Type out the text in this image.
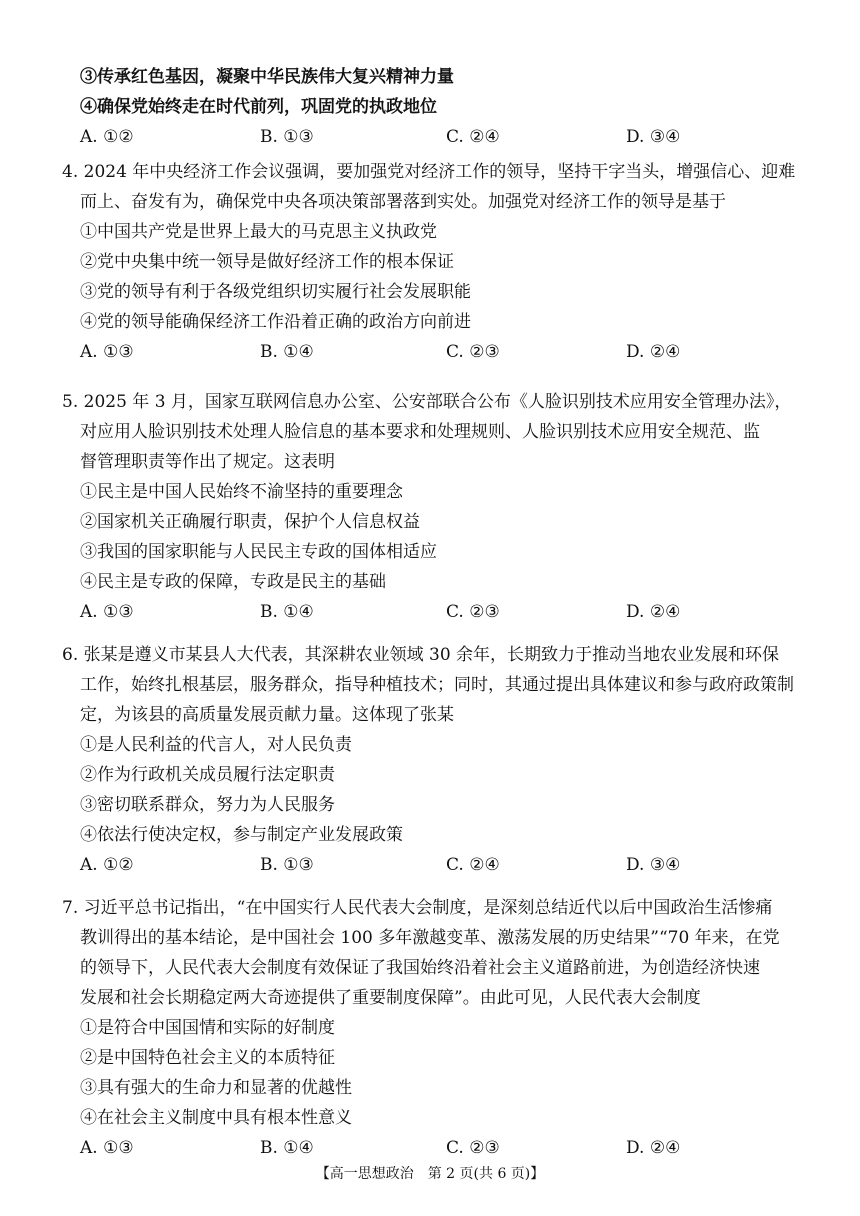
③传承红色基因，凝聚中华民族伟大复兴精神力量
④确保党始终走在时代前列，巩固党的执政地位
A. ①②	B. ①③	C. ②④	D. ③④
4. 2024 年中央经济工作会议强调，要加强党对经济工作的领导，坚持干字当头，增强信心、迎难
而上、奋发有为，确保党中央各项决策部署落到实处。加强党对经济工作的领导是基于
①中国共产党是世界上最大的马克思主义执政党
②党中央集中统一领导是做好经济工作的根本保证
③党的领导有利于各级党组织切实履行社会发展职能
④党的领导能确保经济工作沿着正确的政治方向前进
A. ①③	B. ①④	C. ②③	D. ②④
5. 2025 年 3 月，国家互联网信息办公室、公安部联合公布《人脸识别技术应用安全管理办法》，
对应用人脸识别技术处理人脸信息的基本要求和处理规则、人脸识别技术应用安全规范、监
督管理职责等作出了规定。这表明
①民主是中国人民始终不渝坚持的重要理念
②国家机关正确履行职责，保护个人信息权益
③我国的国家职能与人民民主专政的国体相适应
④民主是专政的保障，专政是民主的基础
A. ①③	B. ①④	C. ②③	D. ②④
6. 张某是遵义市某县人大代表，其深耕农业领域 30 余年，长期致力于推动当地农业发展和环保
工作，始终扎根基层，服务群众，指导种植技术；同时，其通过提出具体建议和参与政府政策制
定，为该县的高质量发展贡献力量。这体现了张某
①是人民利益的代言人，对人民负责
②作为行政机关成员履行法定职责
③密切联系群众，努力为人民服务
④依法行使决定权，参与制定产业发展政策
A. ①②	B. ①③	C. ②④	D. ③④
7. 习近平总书记指出，“在中国实行人民代表大会制度，是深刻总结近代以后中国政治生活惨痛
教训得出的基本结论，是中国社会 100 多年激越变革、激荡发展的历史结果”“70 年来，在党
的领导下，人民代表大会制度有效保证了我国始终沿着社会主义道路前进，为创造经济快速
发展和社会长期稳定两大奇迹提供了重要制度保障”。由此可见，人民代表大会制度
①是符合中国国情和实际的好制度
②是中国特色社会主义的本质特征
③具有强大的生命力和显著的优越性
④在社会主义制度中具有根本性意义
A. ①③	B. ①④	C. ②③	D. ②④
【高一思想政治　第 2 页(共 6 页)】
